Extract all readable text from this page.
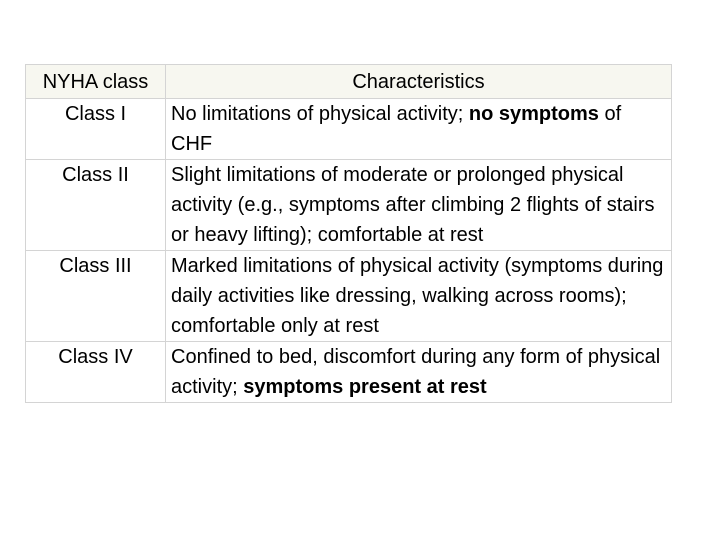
NYHA class	Characteristics
Class I	No limitations of physical activity; no symptoms of CHF
Class II	Slight limitations of moderate or prolonged physical activity (e.g., symptoms after climbing 2 flights of stairs or heavy lifting); comfortable at rest
Class III	Marked limitations of physical activity (symptoms during daily activities like dressing, walking across rooms); comfortable only at rest
Class IV	Confined to bed, discomfort during any form of physical activity; symptoms present at rest
